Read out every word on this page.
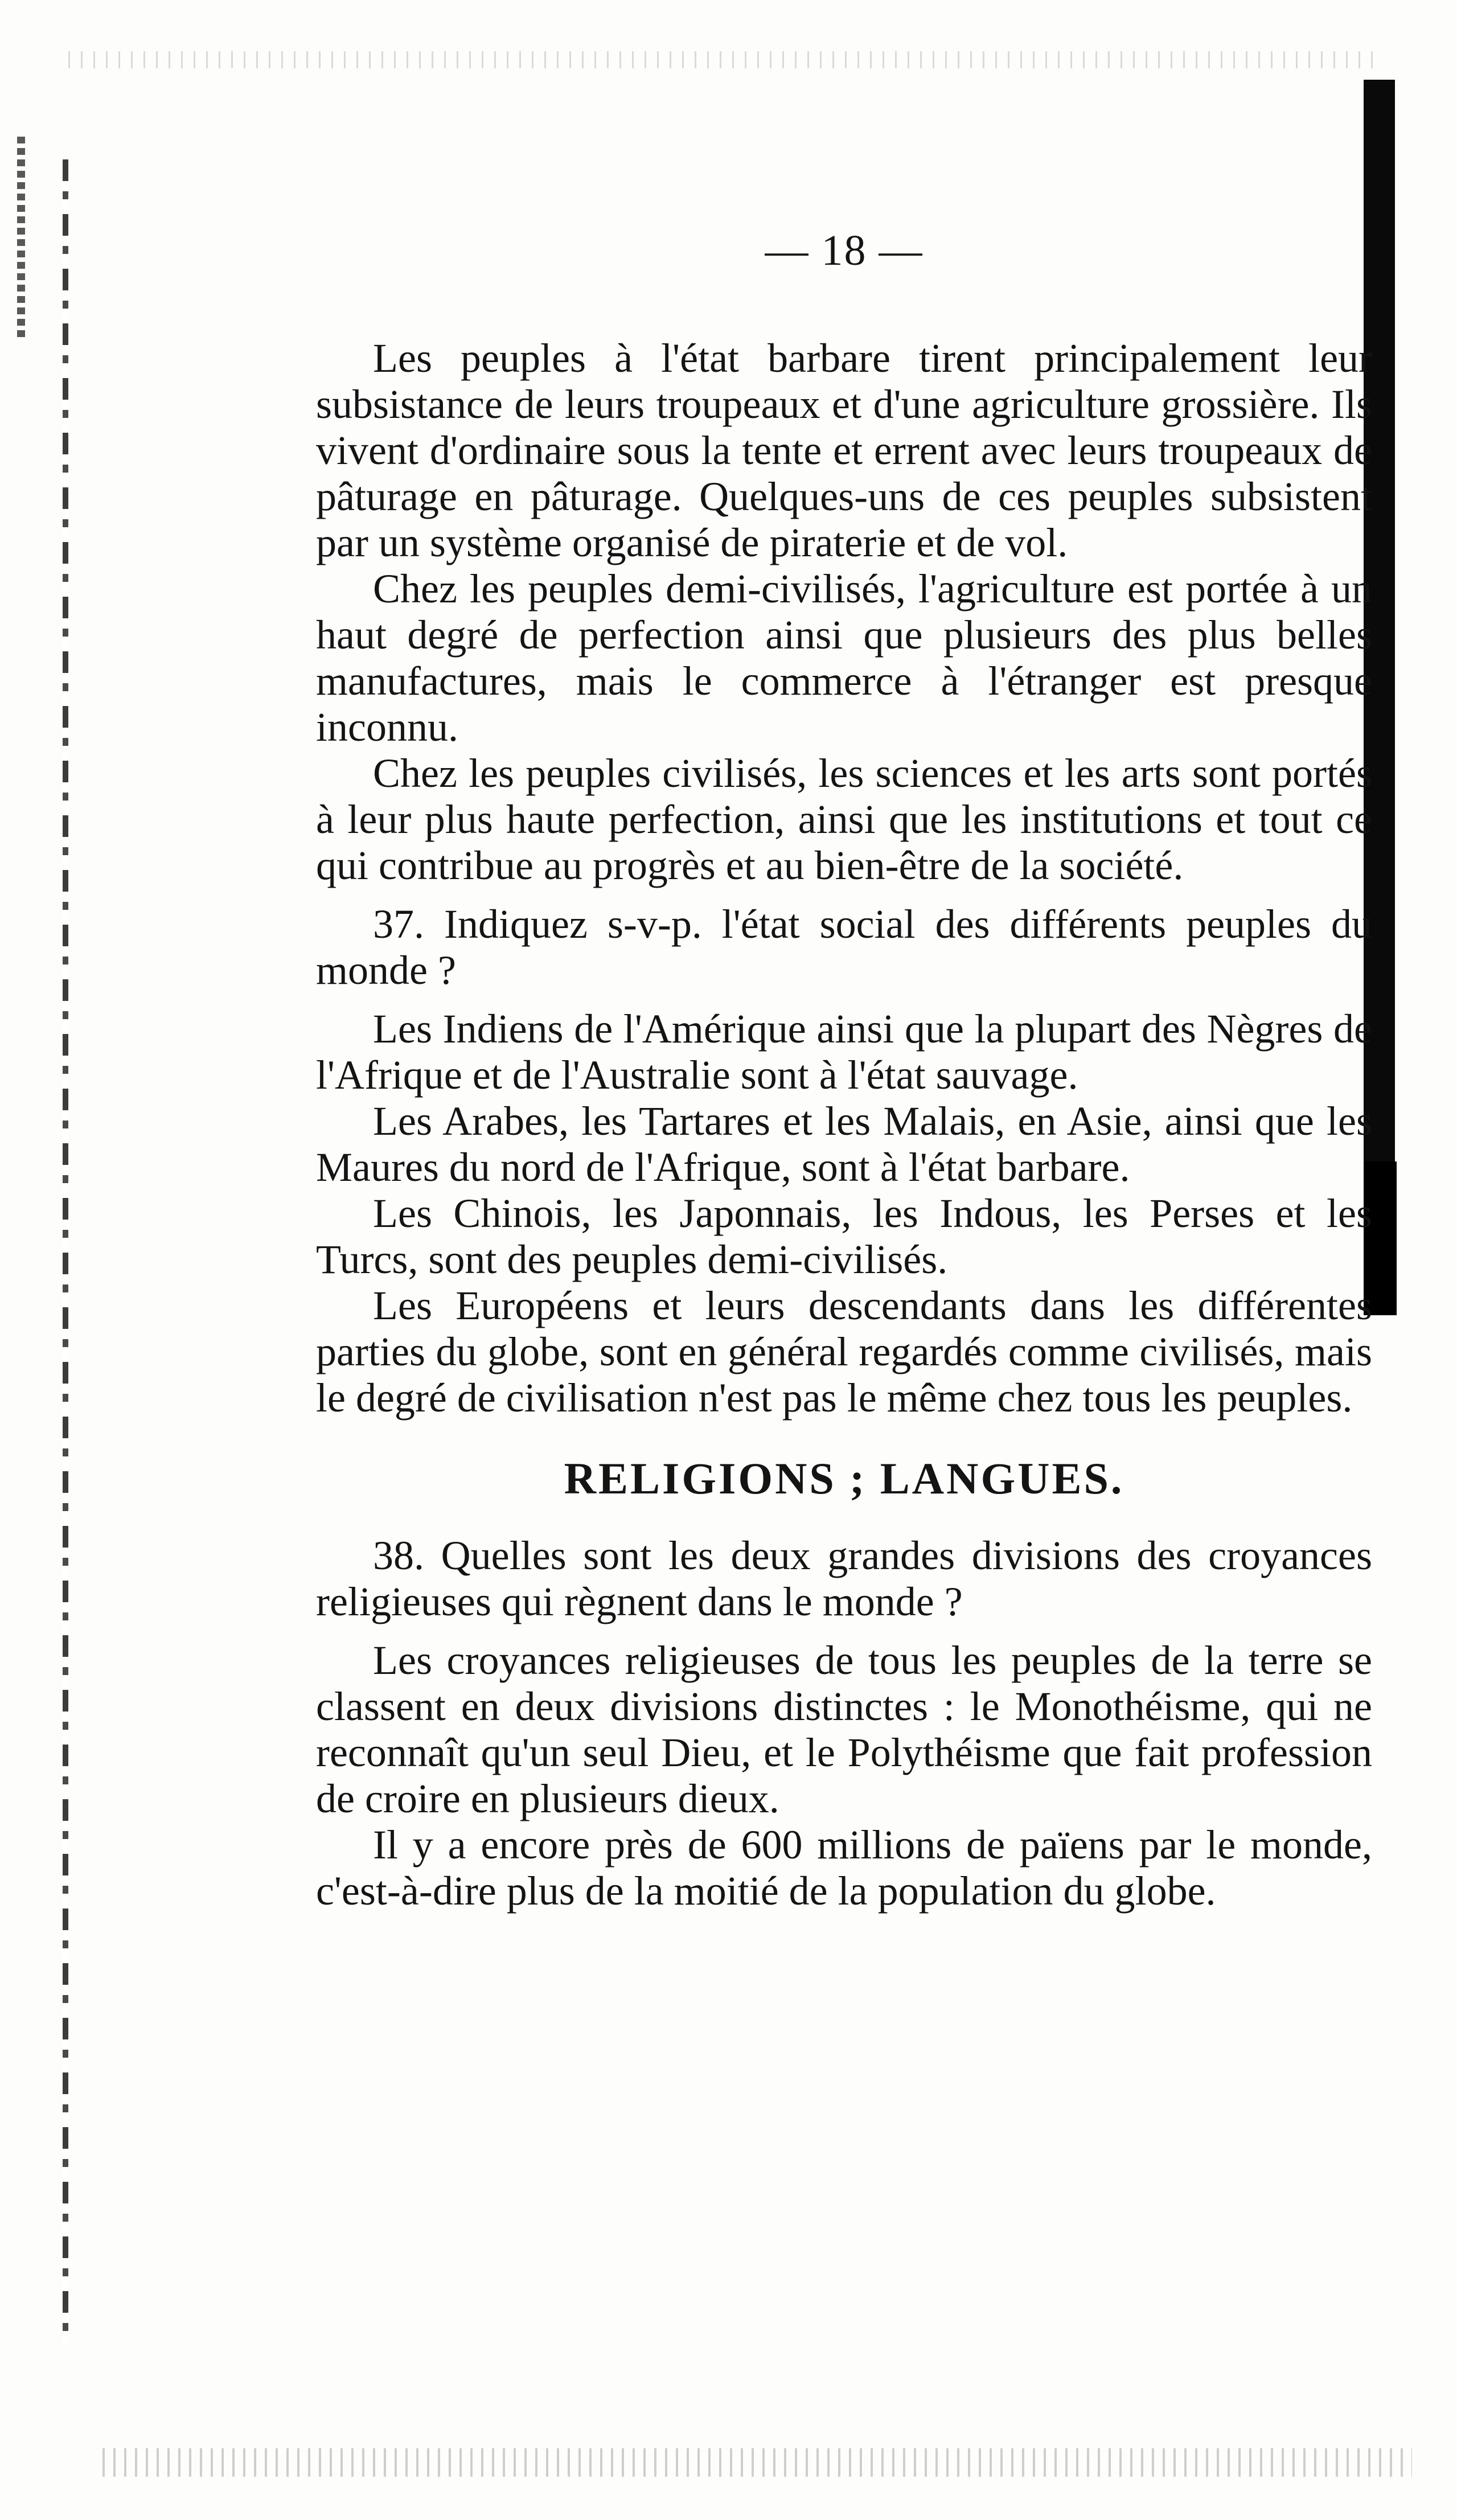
— 18 —

Les peuples à l'état barbare tirent principalement leur subsistance de leurs troupeaux et d'une agriculture grossière. Ils vivent d'ordinaire sous la tente et errent avec leurs troupeaux de pâturage en pâturage. Quelques-uns de ces peuples subsistent par un système organisé de piraterie et de vol.

Chez les peuples demi-civilisés, l'agriculture est portée à un haut degré de perfection ainsi que plusieurs des plus belles manufactures, mais le commerce à l'étranger est presque inconnu.

Chez les peuples civilisés, les sciences et les arts sont portés à leur plus haute perfection, ainsi que les institutions et tout ce qui contribue au progrès et au bien-être de la société.

37. Indiquez s-v-p. l'état social des différents peuples du monde ?

Les Indiens de l'Amérique ainsi que la plupart des Nègres de l'Afrique et de l'Australie sont à l'état sauvage.

Les Arabes, les Tartares et les Malais, en Asie, ainsi que les Maures du nord de l'Afrique, sont à l'état barbare.

Les Chinois, les Japonnais, les Indous, les Perses et les Turcs, sont des peuples demi-civilisés.

Les Européens et leurs descendants dans les différentes parties du globe, sont en général regardés comme civilisés, mais le degré de civilisation n'est pas le même chez tous les peuples.

RELIGIONS ; LANGUES.

38. Quelles sont les deux grandes divisions des croyances religieuses qui règnent dans le monde ?

Les croyances religieuses de tous les peuples de la terre se classent en deux divisions distinctes : le Monothéisme, qui ne reconnaît qu'un seul Dieu, et le Polythéisme que fait profession de croire en plusieurs dieux.

Il y a encore près de 600 millions de païens par le monde, c'est-à-dire plus de la moitié de la population du globe.
